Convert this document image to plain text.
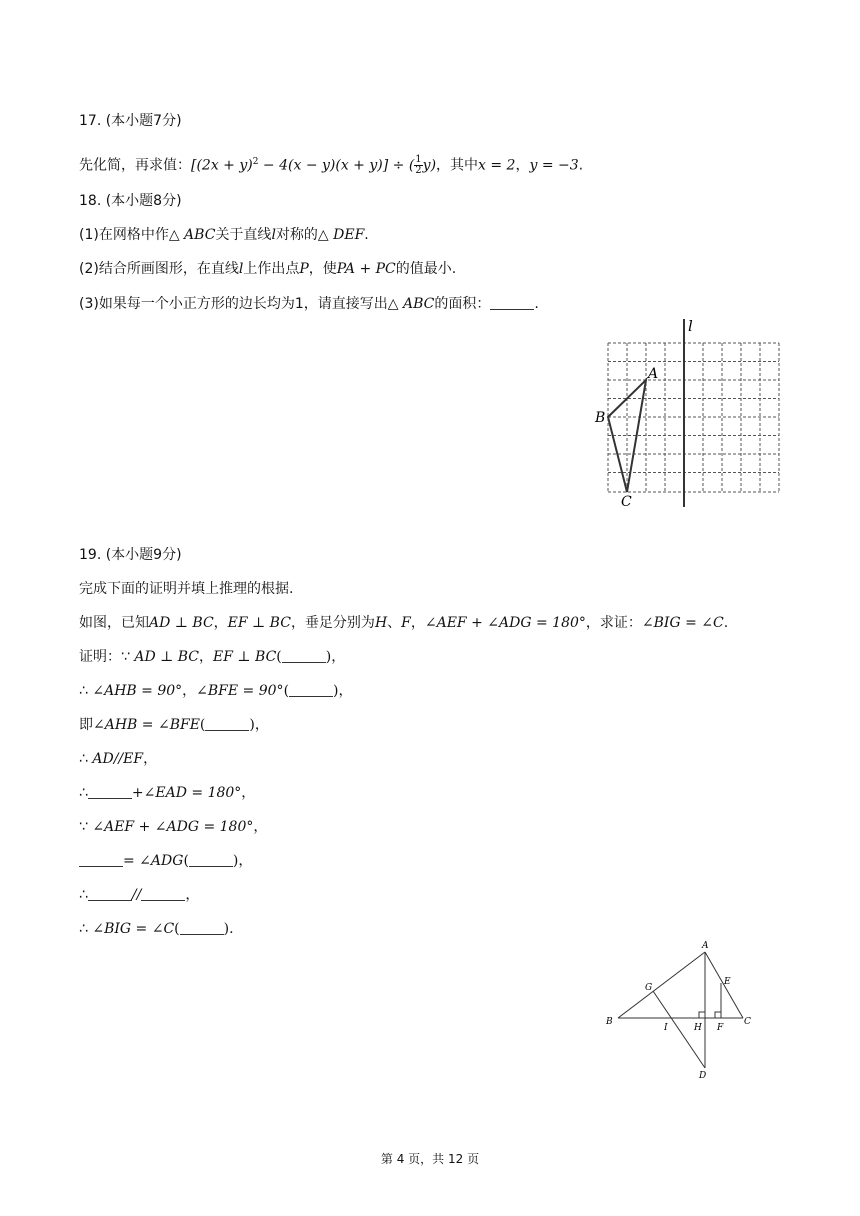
17. (本小题7分)
先化简，再求值：$[(2x + y)^2 - 4(x - y)(x + y)]$ ÷ ( $\frac{1}{2} y$)，其中x = 2，y = −3.
18. (本小题8分)
(1)在网格中作△ ABC关于直线l对称的△ DEF.
(2)结合所画图形，在直线l上作出点P，使PA + PC的值最小.
(3)如果每一个小正方形的边长均为1，请直接写出△ ABC的面积：	.
l
A
B
C
19. (本小题9分)
完成下面的证明并填上推理的根据.
如图，已知AD ⊥ BC，EF ⊥ BC，垂足分别为H、F，∠AEF + ∠ADG = 180°，求证：∠BIG = ∠C.
证明：∵ AD ⊥ BC，EF ⊥ BC(	)，
∴ ∠AHB = 90°，∠BFE = 90°(	)，
即∠AHB = ∠BFE(	)，
∴ AD//EF，
∴	+∠EAD = 180°，
∵ ∠AEF + ∠ADG = 180°，
= ∠ADG(	)，
∴	//	，
∴ ∠BIG = ∠C(	).
A
B	C
D
E
F
G
H
I
第 4 页，共 12 页
